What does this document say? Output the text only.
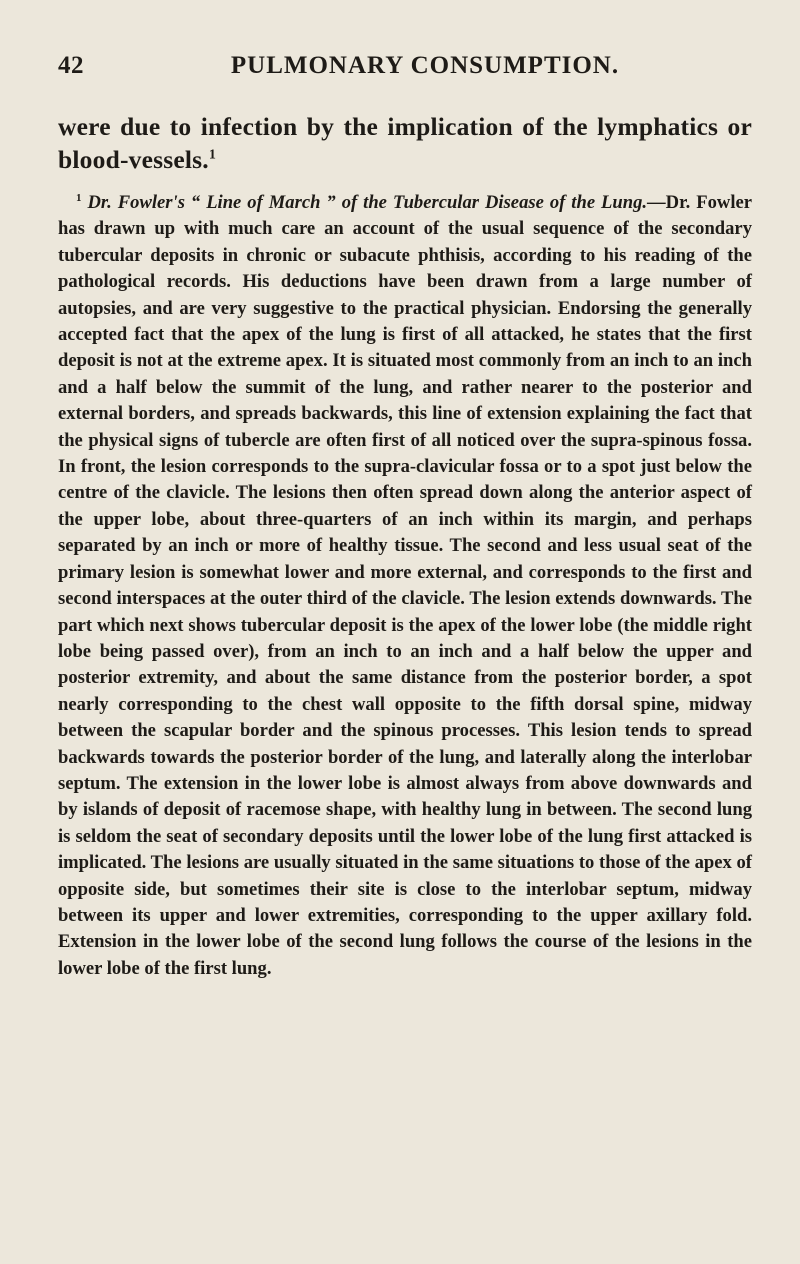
42	PULMONARY CONSUMPTION.

were due to infection by the implication of the lymphatics or blood-vessels.$^1$

$^1$ Dr. Fowler's “ Line of March ” of the Tubercular Disease of the Lung.—Dr. Fowler has drawn up with much care an account of the usual sequence of the secondary tubercular deposits in chronic or subacute phthisis, according to his reading of the pathological records. His deductions have been drawn from a large number of autopsies, and are very suggestive to the practical physician. Endorsing the generally accepted fact that the apex of the lung is first of all attacked, he states that the first deposit is not at the extreme apex. It is situated most commonly from an inch to an inch and a half below the summit of the lung, and rather nearer to the posterior and external borders, and spreads backwards, this line of extension explaining the fact that the physical signs of tubercle are often first of all noticed over the supra-spinous fossa. In front, the lesion corresponds to the supra-clavicular fossa or to a spot just below the centre of the clavicle. The lesions then often spread down along the anterior aspect of the upper lobe, about three-quarters of an inch within its margin, and perhaps separated by an inch or more of healthy tissue. The second and less usual seat of the primary lesion is somewhat lower and more external, and corresponds to the first and second interspaces at the outer third of the clavicle. The lesion extends downwards. The part which next shows tubercular deposit is the apex of the lower lobe (the middle right lobe being passed over), from an inch to an inch and a half below the upper and posterior extremity, and about the same distance from the posterior border, a spot nearly corresponding to the chest wall opposite to the fifth dorsal spine, midway between the scapular border and the spinous processes. This lesion tends to spread backwards towards the posterior border of the lung, and laterally along the interlobar septum. The extension in the lower lobe is almost always from above downwards and by islands of deposit of racemose shape, with healthy lung in between. The second lung is seldom the seat of secondary deposits until the lower lobe of the lung first attacked is implicated. The lesions are usually situated in the same situations to those of the apex of opposite side, but sometimes their site is close to the interlobar septum, midway between its upper and lower extremities, corresponding to the upper axillary fold. Extension in the lower lobe of the second lung follows the course of the lesions in the lower lobe of the first lung.
